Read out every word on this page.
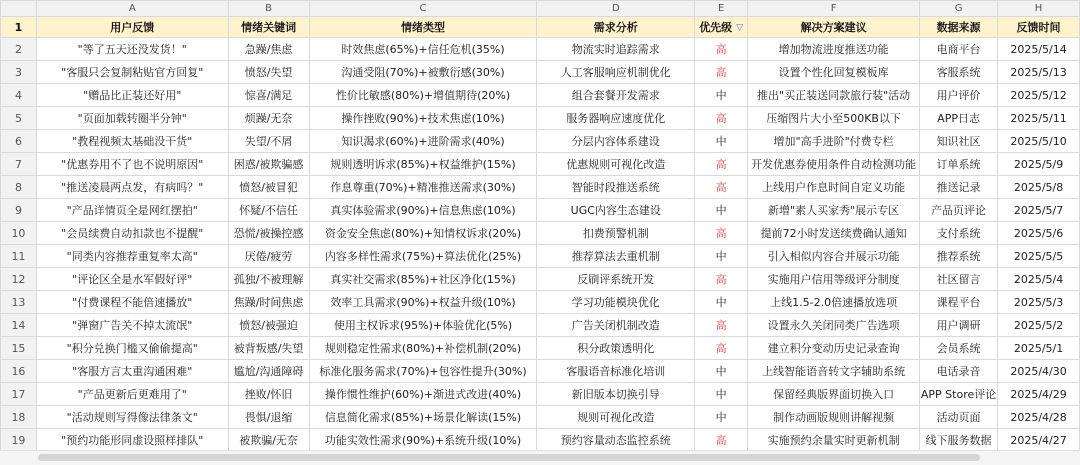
	A	B	C	D	E	F	G	H
1	用户反馈	情绪关键词	情绪类型	需求分析	优先级 ▽	解决方案建议	数据来源	反馈时间
2	"等了五天还没发货！"	急躁/焦虑	时效焦虑(65%)+信任危机(35%)	物流实时追踪需求	高	增加物流进度推送功能	电商平台	2025/5/14
3	"客服只会复制粘贴官方回复"	愤怒/失望	沟通受阻(70%)+被敷衍感(30%)	人工客服响应机制优化	高	设置个性化回复模板库	客服系统	2025/5/13
4	"赠品比正装还好用"	惊喜/满足	性价比敏感(80%)+增值期待(20%)	组合套餐开发需求	中	推出"买正装送同款旅行装"活动	用户评价	2025/5/12
5	"页面加载转圈半分钟"	烦躁/无奈	操作挫败(90%)+技术焦虑(10%)	服务器响应速度优化	高	压缩图片大小至500KB以下	APP日志	2025/5/11
6	"教程视频太基础没干货"	失望/不屑	知识渴求(60%)+进阶需求(40%)	分层内容体系建设	中	增加"高手进阶"付费专栏	知识社区	2025/5/10
7	"优惠券用不了也不说明原因"	困惑/被欺骗感	规则透明诉求(85%)+权益维护(15%)	优惠规则可视化改造	高	开发优惠券使用条件自动检测功能	订单系统	2025/5/9
8	"推送凌晨两点发，有病吗？"	愤怒/被冒犯	作息尊重(70%)+精准推送需求(30%)	智能时段推送系统	高	上线用户作息时间自定义功能	推送记录	2025/5/8
9	"产品详情页全是网红摆拍"	怀疑/不信任	真实体验需求(90%)+信息焦虑(10%)	UGC内容生态建设	中	新增"素人买家秀"展示专区	产品页评论	2025/5/7
10	"会员续费自动扣款也不提醒"	恐慌/被操控感	资金安全焦虑(80%)+知情权诉求(20%)	扣费预警机制	高	提前72小时发送续费确认通知	支付系统	2025/5/6
11	"同类内容推荐重复率太高"	厌倦/疲劳	内容多样性需求(75%)+算法优化(25%)	推荐算法去重机制	中	引入相似内容合并展示功能	推荐系统	2025/5/5
12	"评论区全是水军假好评"	孤独/不被理解	真实社交需求(85%)+社区净化(15%)	反刷评系统开发	高	实施用户信用等级评分制度	社区留言	2025/5/4
13	"付费课程不能倍速播放"	焦躁/时间焦虑	效率工具需求(90%)+权益升级(10%)	学习功能模块优化	中	上线1.5-2.0倍速播放选项	课程平台	2025/5/3
14	"弹窗广告关不掉太流氓"	愤怒/被强迫	使用主权诉求(95%)+体验优化(5%)	广告关闭机制改造	高	设置永久关闭同类广告选项	用户调研	2025/5/2
15	"积分兑换门槛又偷偷提高"	被背叛感/失望	规则稳定性需求(80%)+补偿机制(20%)	积分政策透明化	高	建立积分变动历史记录查询	会员系统	2025/5/1
16	"客服方言太重沟通困难"	尴尬/沟通障碍	标准化服务需求(70%)+包容性提升(30%)	客服语音标准化培训	中	上线智能语音转文字辅助系统	电话录音	2025/4/30
17	"产品更新后更难用了"	挫败/怀旧	操作惯性维护(60%)+渐进式改进(40%)	新旧版本切换引导	中	保留经典版界面切换入口	APP Store评论	2025/4/29
18	"活动规则写得像法律条文"	畏惧/退缩	信息简化需求(85%)+场景化解读(15%)	规则可视化改造	中	制作动画版规则讲解视频	活动页面	2025/4/28
19	"预约功能形同虚设照样排队"	被欺骗/无奈	功能实效性需求(90%)+系统升级(10%)	预约容量动态监控系统	高	实施预约余量实时更新机制	线下服务数据	2025/4/27
